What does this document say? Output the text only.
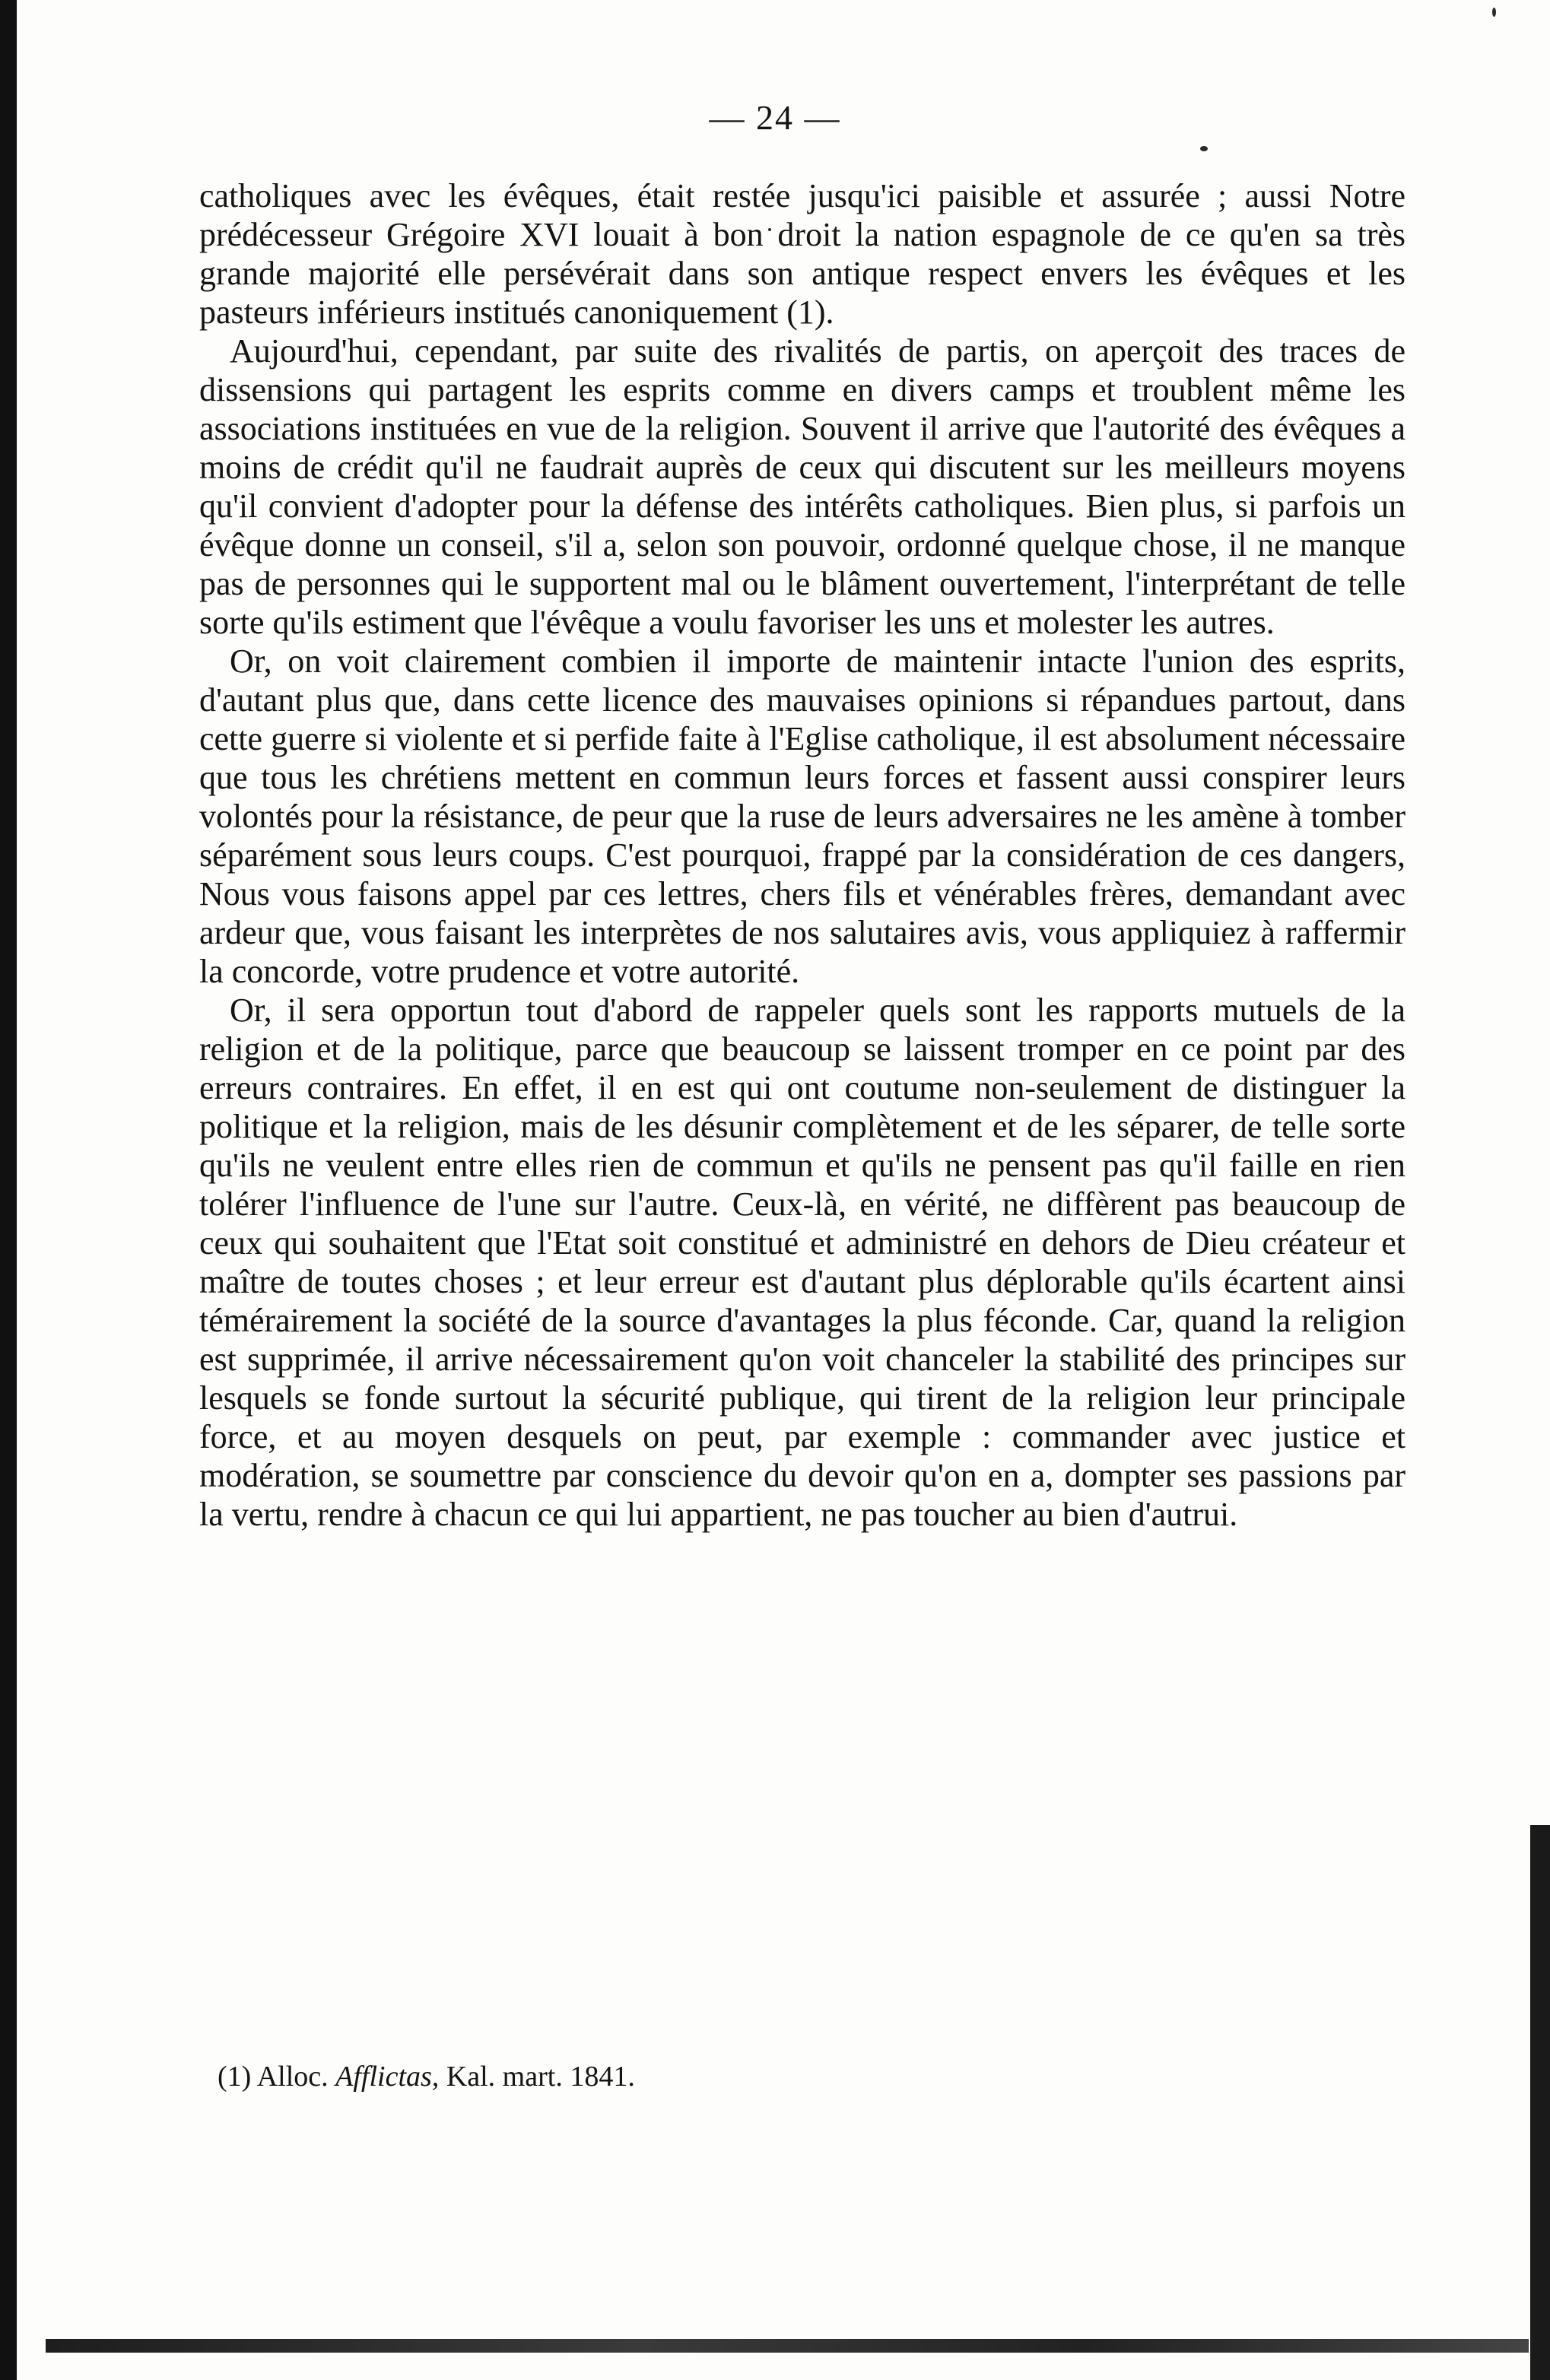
— 24 —

catholiques avec les évêques, était restée jusqu'ici paisible et assurée ; aussi Notre prédécesseur Grégoire XVI louait à bon droit la nation espagnole de ce qu'en sa très grande majorité elle persévérait dans son antique respect envers les évêques et les pasteurs inférieurs institués canoniquement (1).

Aujourd'hui, cependant, par suite des rivalités de partis, on aperçoit des traces de dissensions qui partagent les esprits comme en divers camps et troublent même les associations instituées en vue de la religion. Souvent il arrive que l'autorité des évêques a moins de crédit qu'il ne faudrait auprès de ceux qui discutent sur les meilleurs moyens qu'il convient d'adopter pour la défense des intérêts catholiques. Bien plus, si parfois un évêque donne un conseil, s'il a, selon son pouvoir, ordonné quelque chose, il ne manque pas de personnes qui le supportent mal ou le blâment ouvertement, l'interprétant de telle sorte qu'ils estiment que l'évêque a voulu favoriser les uns et molester les autres.

Or, on voit clairement combien il importe de maintenir intacte l'union des esprits, d'autant plus que, dans cette licence des mauvaises opinions si répandues partout, dans cette guerre si violente et si perfide faite à l'Eglise catholique, il est absolument nécessaire que tous les chrétiens mettent en commun leurs forces et fassent aussi conspirer leurs volontés pour la résistance, de peur que la ruse de leurs adversaires ne les amène à tomber séparément sous leurs coups. C'est pourquoi, frappé par la considération de ces dangers, Nous vous faisons appel par ces lettres, chers fils et vénérables frères, demandant avec ardeur que, vous faisant les interprètes de nos salutaires avis, vous appliquiez à raffermir la concorde, votre prudence et votre autorité.

Or, il sera opportun tout d'abord de rappeler quels sont les rapports mutuels de la religion et de la politique, parce que beaucoup se laissent tromper en ce point par des erreurs contraires. En effet, il en est qui ont coutume non-seulement de distinguer la politique et la religion, mais de les désunir complètement et de les séparer, de telle sorte qu'ils ne veulent entre elles rien de commun et qu'ils ne pensent pas qu'il faille en rien tolérer l'influence de l'une sur l'autre. Ceux-là, en vérité, ne diffèrent pas beaucoup de ceux qui souhaitent que l'Etat soit constitué et administré en dehors de Dieu créateur et maître de toutes choses ; et leur erreur est d'autant plus déplorable qu'ils écartent ainsi témérairement la société de la source d'avantages la plus féconde. Car, quand la religion est supprimée, il arrive nécessairement qu'on voit chanceler la stabilité des principes sur lesquels se fonde surtout la sécurité publique, qui tirent de la religion leur principale force, et au moyen desquels on peut, par exemple : commander avec justice et modération, se soumettre par conscience du devoir qu'on en a, dompter ses passions par la vertu, rendre à chacun ce qui lui appartient, ne pas toucher au bien d'autrui.

(1) Alloc. Afflictas, Kal. mart. 1841.
